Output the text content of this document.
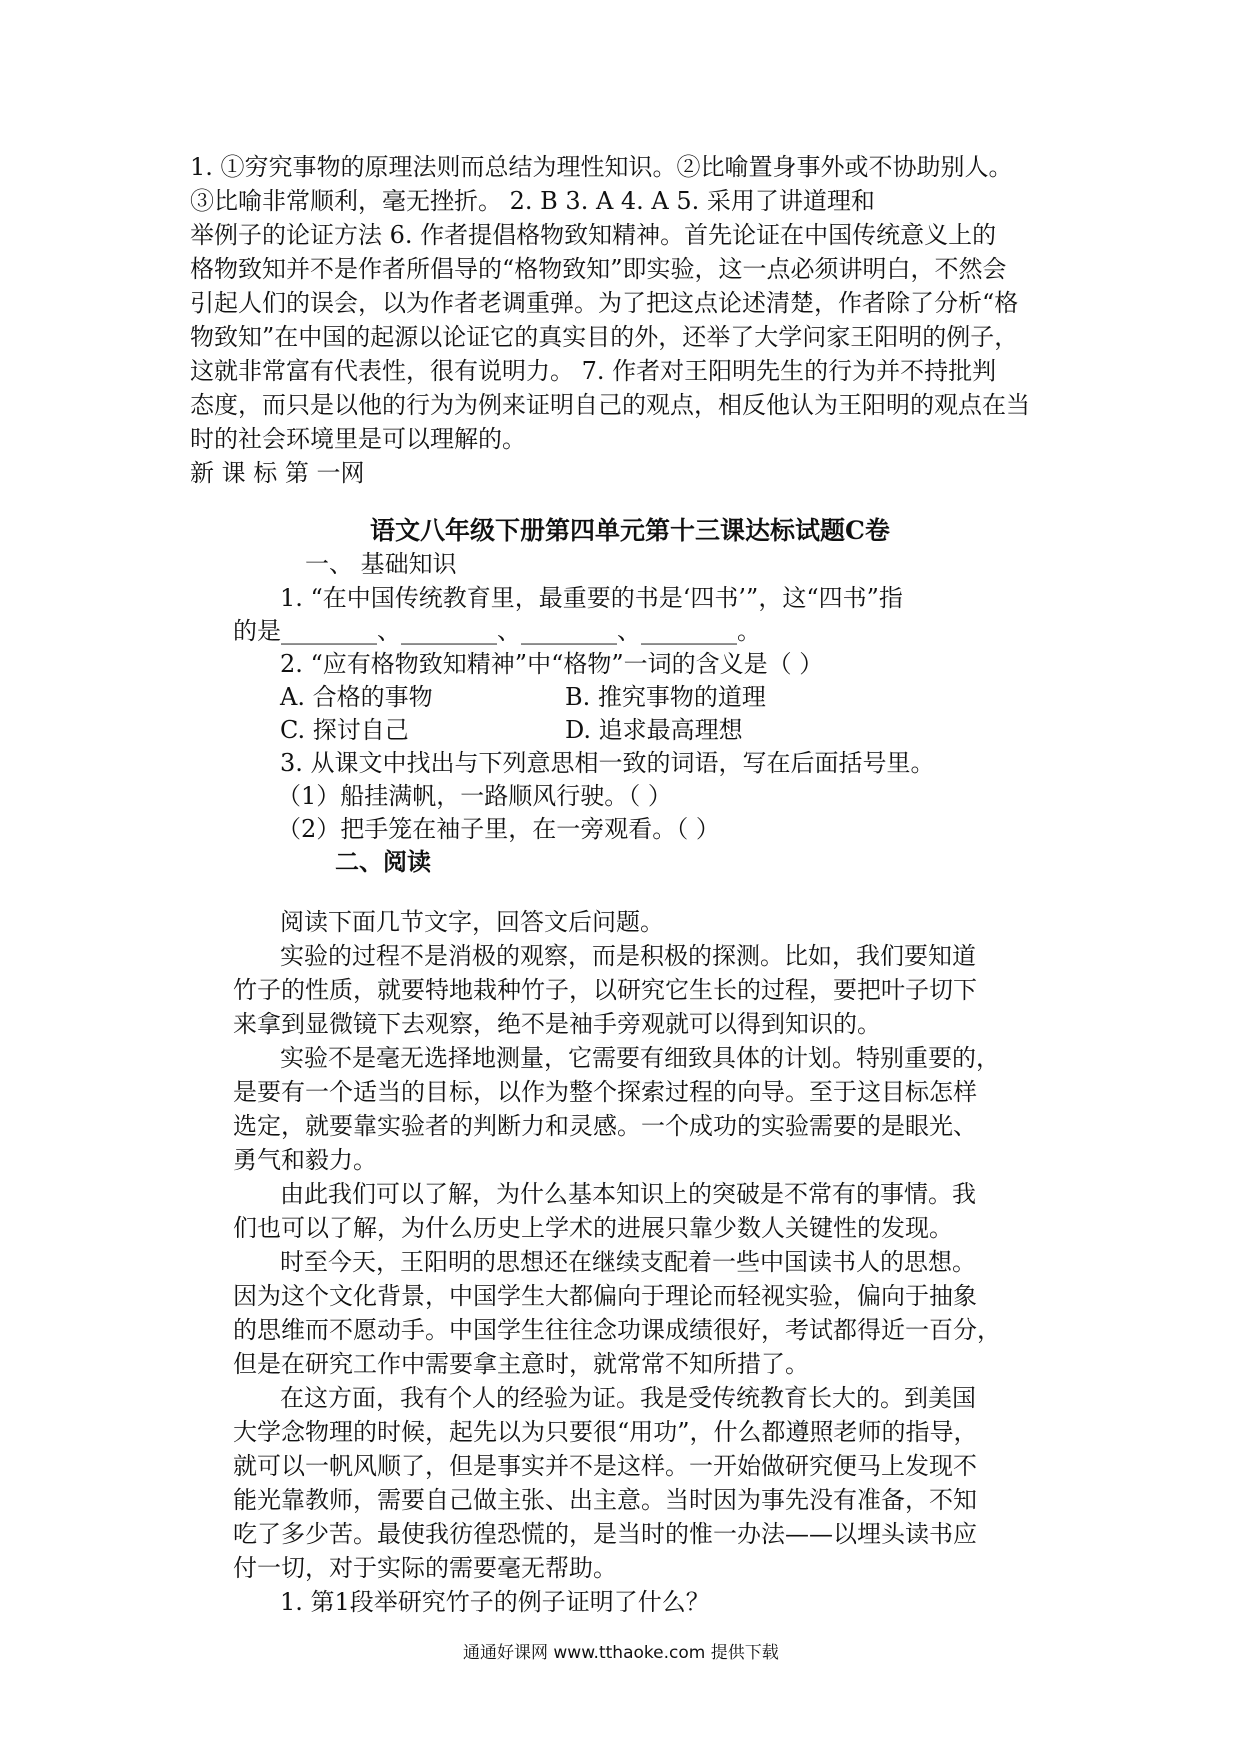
1. ①穷究事物的原理法则而总结为理性知识。②比喻置身事外或不协助别人。
③比喻非常顺利，毫无挫折。 2. B 3. A 4. A 5. 采用了讲道理和
举例子的论证方法 6. 作者提倡格物致知精神。首先论证在中国传统意义上的
格物致知并不是作者所倡导的“格物致知”即实验，这一点必须讲明白，不然会
引起人们的误会，以为作者老调重弹。为了把这点论述清楚，作者除了分析“格
物致知”在中国的起源以论证它的真实目的外，还举了大学问家王阳明的例子，
这就非常富有代表性，很有说明力。 7. 作者对王阳明先生的行为并不持批判
态度，而只是以他的行为为例来证明自己的观点，相反他认为王阳明的观点在当
时的社会环境里是可以理解的。
新 课 标 第 一网
语文八年级下册第四单元第十三课达标试题C卷
一、 基础知识
1. “在中国传统教育里，最重要的书是‘四书’”，这“四书”指
的是________、________、________、________。
2. “应有格物致知精神”中“格物”一词的含义是（ ）
A. 合格的事物	B. 推究事物的道理
C. 探讨自己	D. 追求最高理想
3. 从课文中找出与下列意思相一致的词语，写在后面括号里。
（1）船挂满帆，一路顺风行驶。（ ）
（2）把手笼在袖子里，在一旁观看。（ ）
二、阅读
阅读下面几节文字，回答文后问题。
实验的过程不是消极的观察，而是积极的探测。比如，我们要知道
竹子的性质，就要特地栽种竹子，以研究它生长的过程，要把叶子切下
来拿到显微镜下去观察，绝不是袖手旁观就可以得到知识的。
实验不是毫无选择地测量，它需要有细致具体的计划。特别重要的，
是要有一个适当的目标，以作为整个探索过程的向导。至于这目标怎样
选定，就要靠实验者的判断力和灵感。一个成功的实验需要的是眼光、
勇气和毅力。
由此我们可以了解，为什么基本知识上的突破是不常有的事情。我
们也可以了解，为什么历史上学术的进展只靠少数人关键性的发现。
时至今天，王阳明的思想还在继续支配着一些中国读书人的思想。
因为这个文化背景，中国学生大都偏向于理论而轻视实验，偏向于抽象
的思维而不愿动手。中国学生往往念功课成绩很好，考试都得近一百分，
但是在研究工作中需要拿主意时，就常常不知所措了。
在这方面，我有个人的经验为证。我是受传统教育长大的。到美国
大学念物理的时候，起先以为只要很“用功”，什么都遵照老师的指导，
就可以一帆风顺了，但是事实并不是这样。一开始做研究便马上发现不
能光靠教师，需要自己做主张、出主意。当时因为事先没有准备，不知
吃了多少苦。最使我彷徨恐慌的，是当时的惟一办法——以埋头读书应
付一切，对于实际的需要毫无帮助。
1. 第1段举研究竹子的例子证明了什么？
通通好课网 www.tthaoke.com 提供下载
